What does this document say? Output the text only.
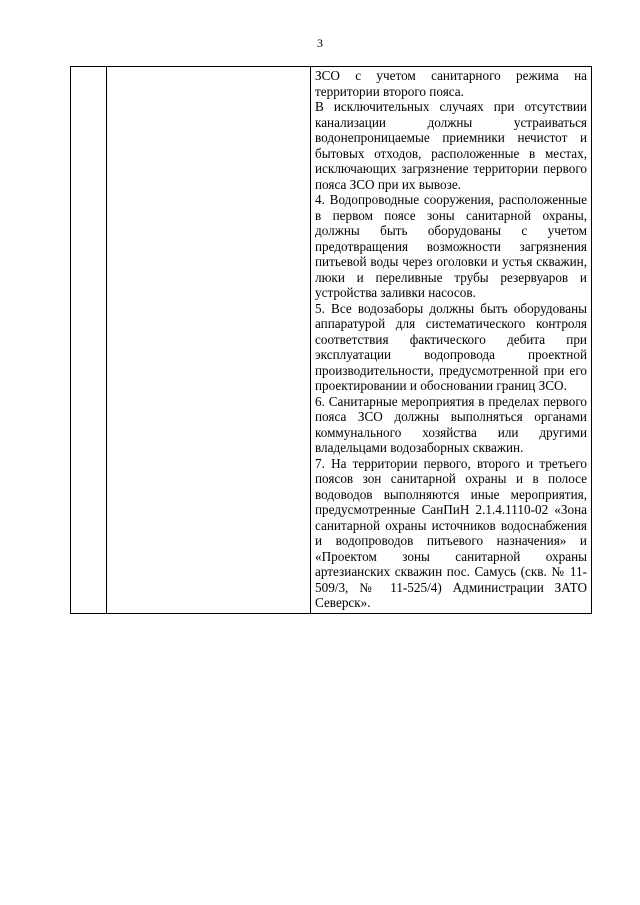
3

ЗСО с учетом санитарного режима на территории второго пояса.

В исключительных случаях при отсутствии канализации должны устраиваться водонепроницаемые приемники нечистот и бытовых отходов, расположенные в местах, исключающих загрязнение территории первого пояса ЗСО при их вывозе.

4. Водопроводные сооружения, расположенные в первом поясе зоны санитарной охраны, должны быть оборудованы с учетом предотвращения возможности загрязнения питьевой воды через оголовки и устья скважин, люки и переливные трубы резервуаров и устройства заливки насосов.

5. Все водозаборы должны быть оборудованы аппаратурой для систематического контроля соответствия фактического дебита при эксплуатации водопровода проектной производительности, предусмотренной при его проектировании и обосновании границ ЗСО.

6. Санитарные мероприятия в пределах первого пояса ЗСО должны выполняться органами коммунального хозяйства или другими владельцами водозаборных скважин.

7. На территории первого, второго и третьего поясов зон санитарной охраны и в полосе водоводов выполняются иные мероприятия, предусмотренные СанПиН 2.1.4.1110-02 «Зона санитарной охраны источников водоснабжения и водопроводов питьевого назначения» и «Проектом зоны санитарной охраны артезианских скважин пос. Самусь (скв. № 11-509/3, № 11-525/4) Администрации ЗАТО Северск».
